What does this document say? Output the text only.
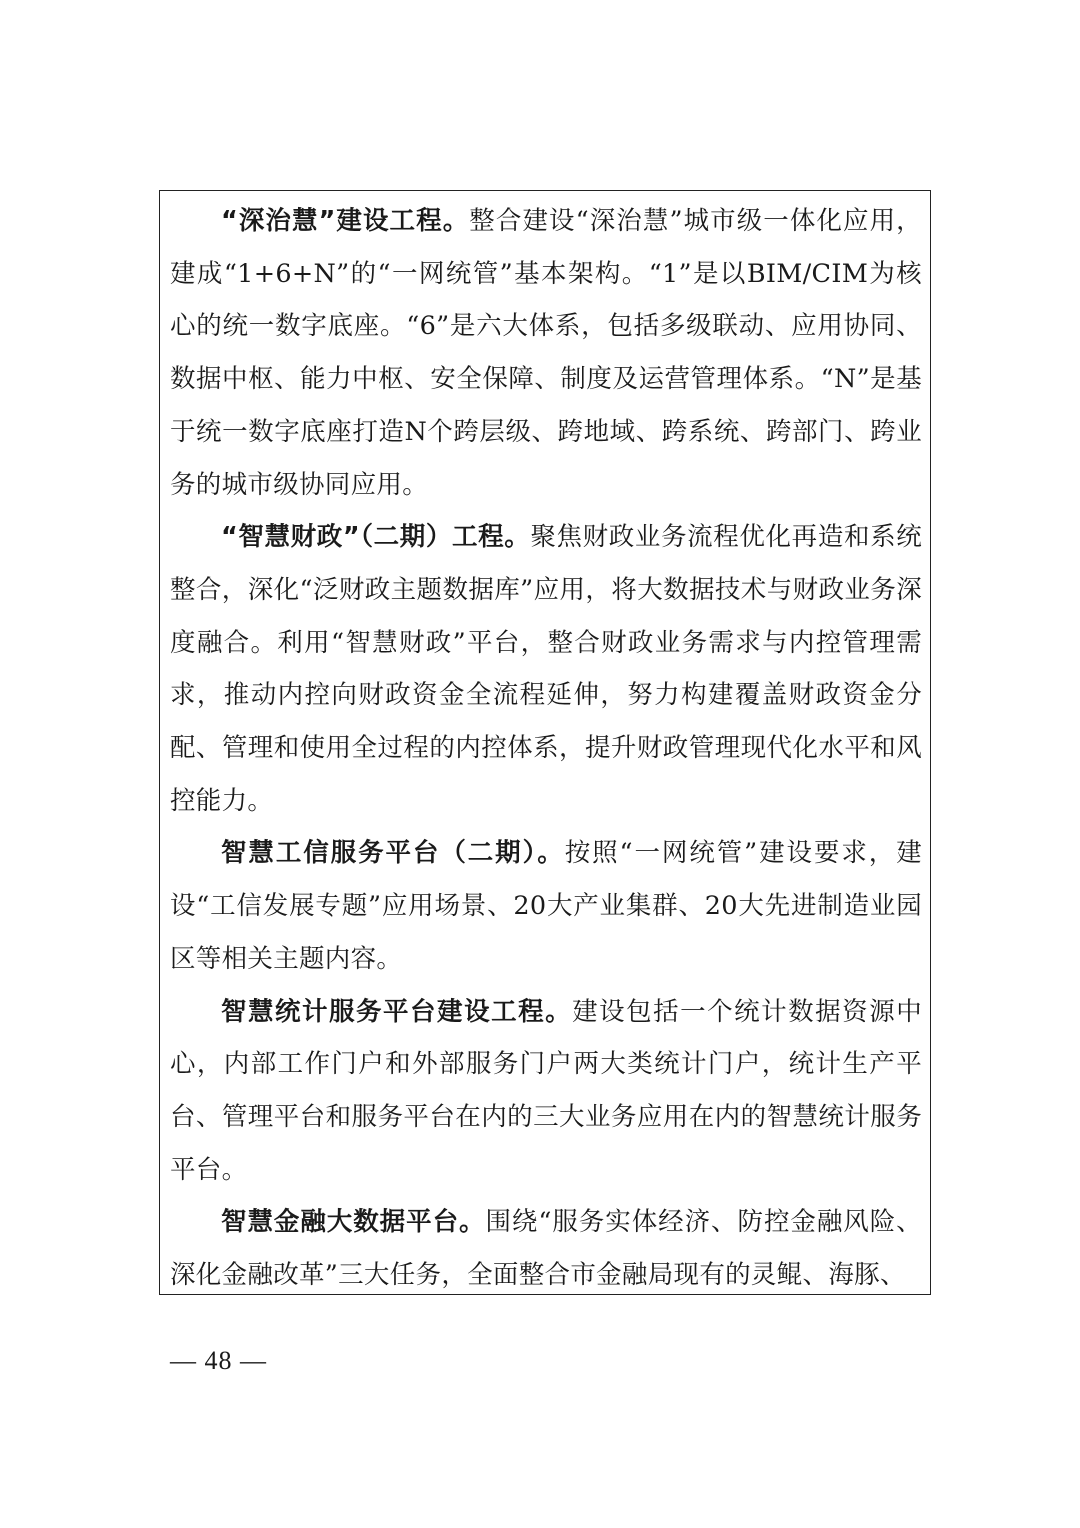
“深治慧”建设工程。整合建设“深治慧”城市级一体化应用，建成“1+6+N”的“一网统管”基本架构。“1”是以BIM/CIM为核心的统一数字底座。“6”是六大体系，包括多级联动、应用协同、数据中枢、能力中枢、安全保障、制度及运营管理体系。“N”是基于统一数字底座打造N个跨层级、跨地域、跨系统、跨部门、跨业务的城市级协同应用。

“智慧财政”（二期）工程。聚焦财政业务流程优化再造和系统整合，深化“泛财政主题数据库”应用，将大数据技术与财政业务深度融合。利用“智慧财政”平台，整合财政业务需求与内控管理需求，推动内控向财政资金全流程延伸，努力构建覆盖财政资金分配、管理和使用全过程的内控体系，提升财政管理现代化水平和风控能力。

智慧工信服务平台（二期）。按照“一网统管”建设要求，建设“工信发展专题”应用场景、20大产业集群、20大先进制造业园区等相关主题内容。

智慧统计服务平台建设工程。建设包括一个统计数据资源中心，内部工作门户和外部服务门户两大类统计门户，统计生产平台、管理平台和服务平台在内的三大业务应用在内的智慧统计服务平台。

智慧金融大数据平台。围绕“服务实体经济、防控金融风险、深化金融改革”三大任务，全面整合市金融局现有的灵鲲、海豚、

— 48 —
